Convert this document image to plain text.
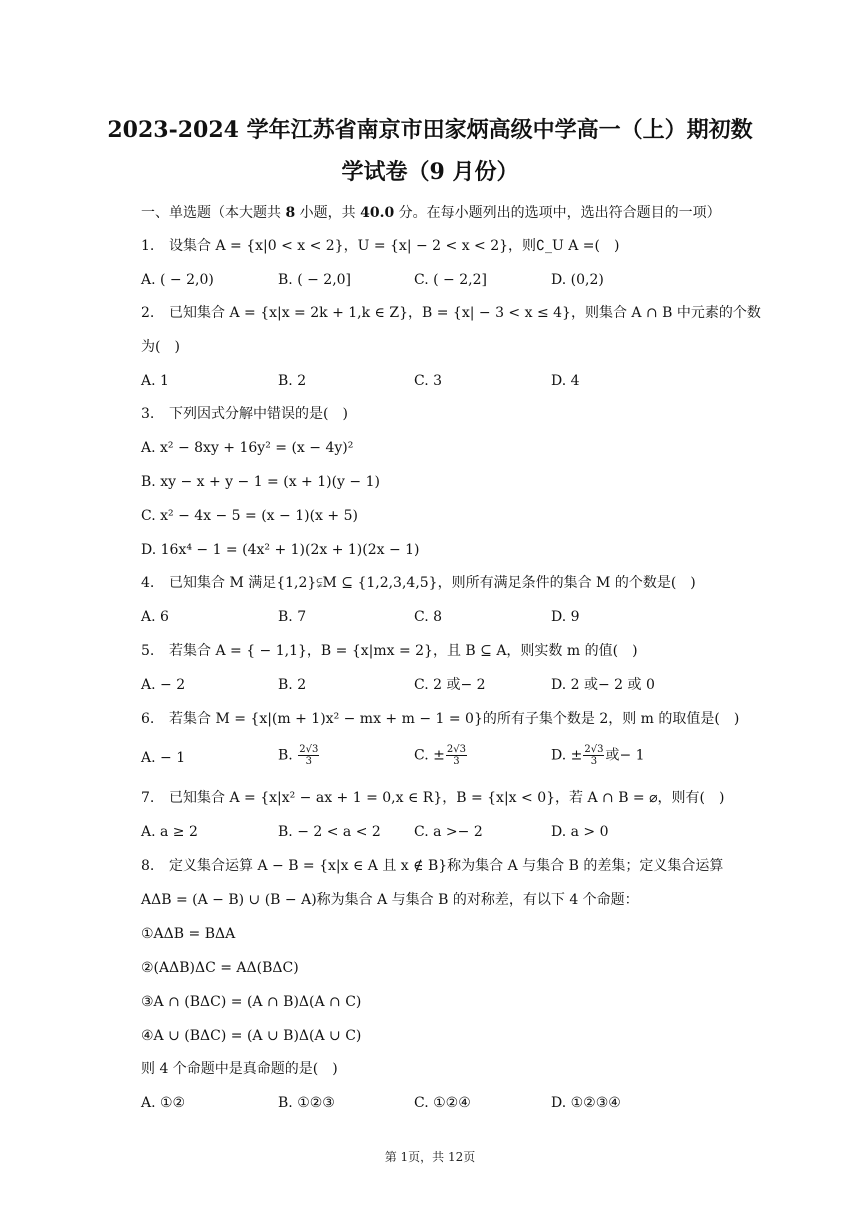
2023-2024 学年江苏省南京市田家炳高级中学高一（上）期初数
学试卷（9 月份）
一、单选题（本大题共 8 小题，共 40.0 分。在每小题列出的选项中，选出符合题目的一项）
1. 设集合 A = {x|0 < x < 2}，U = {x| − 2 < x < 2}，则∁_U A =(　)
A. ( − 2,0)	B. ( − 2,0]	C. ( − 2,2]	D. (0,2)
2. 已知集合 A = {x|x = 2k + 1,k ∈ Z}，B = {x| − 3 < x ≤ 4}，则集合 A ∩ B 中元素的个数
为(　)
A. 1	B. 2	C. 3	D. 4
3. 下列因式分解中错误的是(　)
A. x² − 8xy + 16y² = (x − 4y)²
B. xy − x + y − 1 = (x + 1)(y − 1)
C. x² − 4x − 5 = (x − 1)(x + 5)
D. 16x⁴ − 1 = (4x² + 1)(2x + 1)(2x − 1)
4. 已知集合 M 满足{1,2}⫋M ⊆ {1,2,3,4,5}，则所有满足条件的集合 M 的个数是(　)
A. 6	B. 7	C. 8	D. 9
5. 若集合 A = { − 1,1}，B = {x|mx = 2}，且 B ⊆ A，则实数 m 的值(　)
A. − 2	B. 2	C. 2 或− 2	D. 2 或− 2 或 0
6. 若集合 M = {x|(m + 1)x² − mx + m − 1 = 0}的所有子集个数是 2，则 m 的取值是(　)
A. − 1	B. $\frac{2√3}{3}$	C. ± $\frac{2√3}{3}$	D. ± $\frac{2√3}{3}$ 或− 1
7. 已知集合 A = {x|x² − ax + 1 = 0,x ∈ R}，B = {x|x < 0}，若 A ∩ B = ⌀，则有(　)
A. a ≥ 2	B. − 2 < a < 2 C. a >− 2	D. a > 0
8. 定义集合运算 A − B = {x|x ∈ A 且 x ∉ B}称为集合 A 与集合 B 的差集；定义集合运算
AΔB = (A − B) ∪ (B − A)称为集合 A 与集合 B 的对称差，有以下 4 个命题：
①AΔB = BΔA
②(AΔB)ΔC = AΔ(BΔC)
③A ∩ (BΔC) = (A ∩ B)Δ(A ∩ C)
④A ∪ (BΔC) = (A ∪ B)Δ(A ∪ C)
则 4 个命题中是真命题的是(　)
A. ①②	B. ①②③	C. ①②④	D. ①②③④
第 1页，共 12页
